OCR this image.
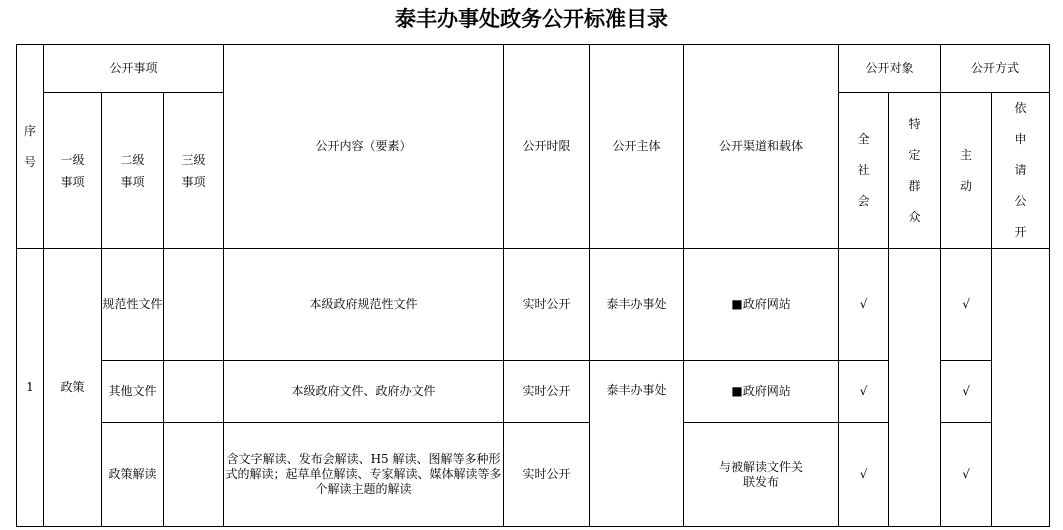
泰丰办事处政务公开标准目录
序号	公开事项			公开内容（要素）	公开时限	公开主体	公开渠道和载体	公开对象		公开方式	

	一级事项	二级事项	三级事项					全社会	特定群众	主动	依申请公开

1	政策	规范性文件		本级政府规范性文件	实时公开	泰丰办事处	■政府网站	√		√	
		其他文件		本级政府文件、政府办文件	实时公开	泰丰办事处	■政府网站	√		√	
		政策解读		含文字解读、发布会解读、H5 解读、图解等多种形式的解读；起草单位解读、专家解读、媒体解读等多个解读主题的解读	实时公开		与被解读文件关联发布	√		√	
